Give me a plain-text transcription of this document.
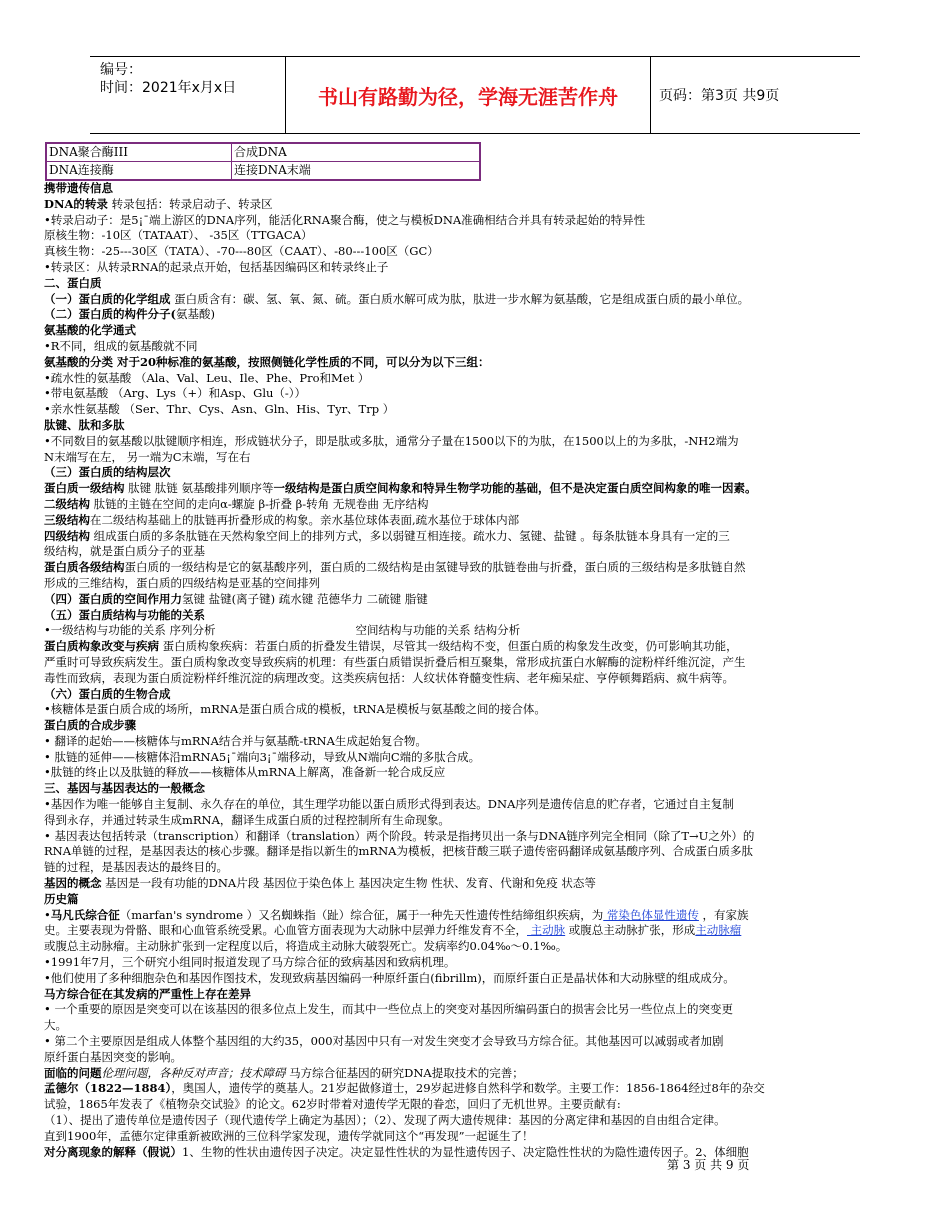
编号：
时间：2021年x月x日	书山有路勤为径，学海无涯苦作舟	页码：第3页 共9页
DNA聚合酶III	合成DNA
DNA连接酶	连接DNA末端

携带遗传信息

DNA的转录 转录包括：转录启动子、转录区

•转录启动子：是5¡¯端上游区的DNA序列，能活化RNA聚合酶，使之与模板DNA准确相结合并具有转录起始的特异性

原核生物：-10区（TATAAT）、 -35区（TTGACA）

真核生物：-25---30区（TATA）、-70---80区（CAAT）、-80---100区（GC）

•转录区：从转录RNA的起录点开始，包括基因编码区和转录终止子

二、蛋白质

（一）蛋白质的化学组成 蛋白质含有：碳、氢、氧、氮、硫。蛋白质水解可成为肽，肽进一步水解为氨基酸，它是组成蛋白质的最小单位。

（二）蛋白质的构件分子(氨基酸)

氨基酸的化学通式

•R不同，组成的氨基酸就不同

氨基酸的分类 对于20种标准的氨基酸，按照侧链化学性质的不同，可以分为以下三组：

•疏水性的氨基酸 （Ala、Val、Leu、Ile、Phe、Pro和Met ）

•带电氨基酸 （Arg、Lys（+）和Asp、Glu（-））

•亲水性氨基酸 （Ser、Thr、Cys、Asn、Gln、His、Tyr、Trp ）

肽键、肽和多肽

•不同数目的氨基酸以肽键顺序相连，形成链状分子，即是肽或多肽，通常分子量在1500以下的为肽，在1500以上的为多肽，-NH2端为

N末端写在左， 另一端为C末端，写在右

（三）蛋白质的结构层次

蛋白质一级结构 肽键 肽链 氨基酸排列顺序等一级结构是蛋白质空间构象和特异生物学功能的基础，但不是决定蛋白质空间构象的唯一因素。

二级结构 肽链的主链在空间的走向α-螺旋 β-折叠 β-转角 无规卷曲 无序结构

三级结构在二级结构基础上的肽链再折叠形成的构象。亲水基位球体表面,疏水基位于球体内部

四级结构 组成蛋白质的多条肽链在天然构象空间上的排列方式，多以弱键互相连接。疏水力、氢键、盐键 。每条肽链本身具有一定的三

级结构，就是蛋白质分子的亚基

蛋白质各级结构蛋白质的一级结构是它的氨基酸序列，蛋白质的二级结构是由氢键导致的肽链卷曲与折叠，蛋白质的三级结构是多肽链自然

形成的三维结构，蛋白质的四级结构是亚基的空间排列

（四）蛋白质的空间作用力氢键 盐键(离子键) 疏水键 范德华力 二硫键 脂键

（五）蛋白质结构与功能的关系

•一级结构与功能的关系 序列分析	空间结构与功能的关系 结构分析

蛋白质构象改变与疾病 蛋白质构象疾病：若蛋白质的折叠发生错误，尽管其一级结构不变，但蛋白质的构象发生改变，仍可影响其功能，

严重时可导致疾病发生。蛋白质构象改变导致疾病的机理：有些蛋白质错误折叠后相互聚集，常形成抗蛋白水解酶的淀粉样纤维沉淀，产生

毒性而致病，表现为蛋白质淀粉样纤维沉淀的病理改变。这类疾病包括：人纹状体脊髓变性病、老年痴呆症、亨停顿舞蹈病、疯牛病等。

（六）蛋白质的生物合成

•核糖体是蛋白质合成的场所，mRNA是蛋白质合成的模板，tRNA是模板与氨基酸之间的接合体。

蛋白质的合成步骤

• 翻译的起始——核糖体与mRNA结合并与氨基酰-tRNA生成起始复合物。

• 肽链的延伸——核糖体沿mRNA5¡¯端向3¡¯端移动，导致从N端向C端的多肽合成。

•肽链的终止以及肽链的释放——核糖体从mRNA上解离，准备新一轮合成反应

三、基因与基因表达的一般概念

•基因作为唯一能够自主复制、永久存在的单位，其生理学功能以蛋白质形式得到表达。DNA序列是遗传信息的贮存者，它通过自主复制

得到永存，并通过转录生成mRNA，翻译生成蛋白质的过程控制所有生命现象。

• 基因表达包括转录（transcription）和翻译（translation）两个阶段。转录是指拷贝出一条与DNA链序列完全相同（除了T→U之外）的

RNA单链的过程，是基因表达的核心步骤。翻译是指以新生的mRNA为模板，把核苷酸三联子遗传密码翻译成氨基酸序列、合成蛋白质多肽

链的过程，是基因表达的最终目的。

基因的概念 基因是一段有功能的DNA片段 基因位于染色体上 基因决定生物 性状、发育、代谢和免疫 状态等

历史篇

•马凡氏综合征（marfan's syndrome ）又名蜘蛛指（趾）综合征，属于一种先天性遗传性结缔组织疾病，为 常染色体显性遗传 ，有家族

史。主要表现为骨骼、眼和心血管系统受累。心血管方面表现为大动脉中层弹力纤维发育不全， 主动脉 或腹总主动脉扩张，形成主动脉瘤

或腹总主动脉瘤。主动脉扩张到一定程度以后，将造成主动脉大破裂死亡。发病率约0.04‰～0.1‰。

•1991年7月，三个研究小组同时报道发现了马方综合征的致病基因和致病机理。

•他们使用了多种细胞杂色和基因作图技术，发现致病基因编码一种原纤蛋白(fibrillm)，而原纤蛋白正是晶状体和大动脉壁的组成成分。

马方综合征在其发病的严重性上存在差异

• 一个重要的原因是突变可以在该基因的很多位点上发生，而其中一些位点上的突变对基因所编码蛋白的损害会比另一些位点上的突变更

大。

• 第二个主要原因是组成人体整个基因组的大约35，000对基因中只有一对发生突变才会导致马方综合征。其他基因可以减弱或者加剧

原纤蛋白基因突变的影响。

面临的问题伦理问题，各种反对声音；技术障碍 马方综合征基因的研究DNA提取技术的完善；

孟德尔（1822—1884），奥国人，遗传学的奠基人。21岁起做修道士，29岁起进修自然科学和数学。主要工作：1856-1864经过8年的杂交

试验，1865年发表了《植物杂交试验》的论文。62岁时带着对遗传学无限的眷恋，回归了无机世界。主要贡献有:

（1）、提出了遗传单位是遗传因子（现代遗传学上确定为基因）；（2）、发现了两大遗传规律：基因的分离定律和基因的自由组合定律。

直到1900年，孟德尔定律重新被欧洲的三位科学家发现，遗传学就同这个“再发现”一起诞生了！

对分离现象的解释（假说）1、生物的性状由遗传因子决定。决定显性性状的为显性遗传因子、决定隐性性状的为隐性遗传因子。2、体细胞

第 3 页 共 9 页
